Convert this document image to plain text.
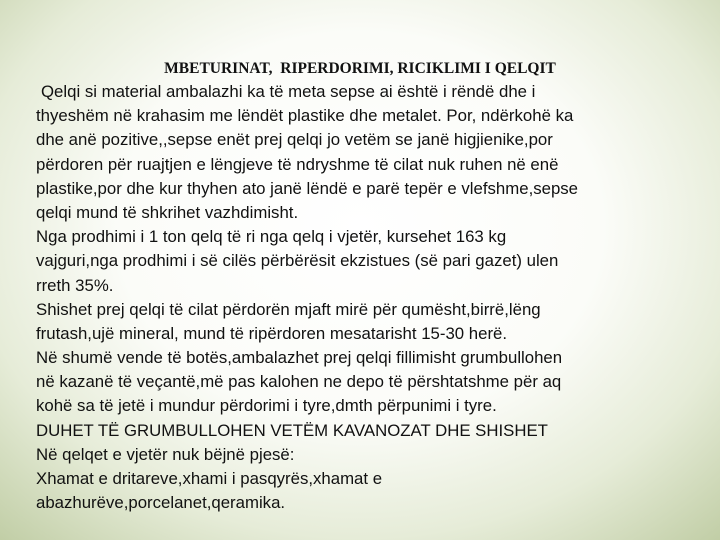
MBETURINAT,  RIPERDORIMI, RICIKLIMI I QELQIT
Qelqi si material ambalazhi ka të meta sepse ai është i rëndë dhe i
thyeshëm në krahasim me lëndët plastike dhe metalet. Por, ndërkohë ka
dhe anë pozitive,,sepse enët prej qelqi jo vetëm se janë higjienike,por
përdoren për ruajtjen e lëngjeve të ndryshme të cilat nuk ruhen në enë
plastike,por dhe kur thyhen ato janë lëndë e parë tepër e vlefshme,sepse
qelqi mund të shkrihet vazhdimisht.
Nga prodhimi i 1 ton qelq të ri nga qelq i vjetër, kursehet 163 kg
vajguri,nga prodhimi i së cilës përbërësit ekzistues (së pari gazet) ulen
rreth 35%.
Shishet prej qelqi të cilat përdorën mjaft mirë për qumësht,birrë,lëng
frutash,ujë mineral, mund të ripërdoren mesatarisht 15-30 herë.
Në shumë vende të botës,ambalazhet prej qelqi fillimisht grumbullohen
në kazanë të veçantë,më pas kalohen ne depo të përshtatshme për aq
kohë sa të jetë i mundur përdorimi i tyre,dmth përpunimi i tyre.
DUHET TË GRUMBULLOHEN VETËM KAVANOZAT DHE SHISHET
Në qelqet e vjetër nuk bëjnë pjesë:
Xhamat e dritareve,xhami i pasqyrës,xhamat e
abazhurëve,porcelanet,qeramika.
